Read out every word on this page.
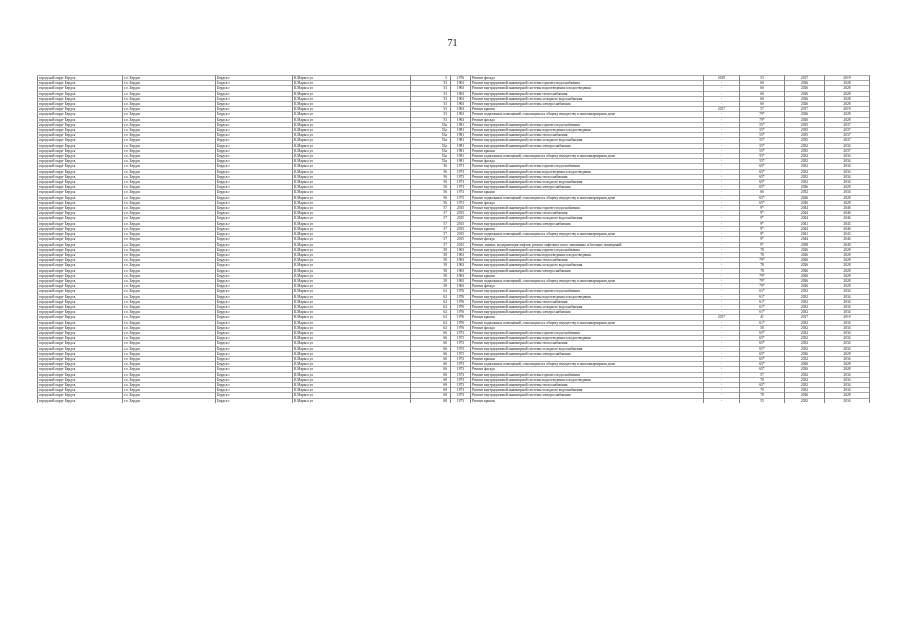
71
городской округ Бердск	г.о. Бердск	Бердск г	К.Маркса ул	5	1976	Ремонт фасада	2019	53	2017	2019
городской округ Бердск	г.о. Бердск	Бердск г	К.Маркса ул	53	1963	Ремонт внутридомовой инженерной системы горячего водоснабжения	-	60	2026	2028
городской округ Бердск	г.о. Бердск	Бердск г	К.Маркса ул	53	1963	Ремонт внутридомовой инженерной системы водоотведения и водоотведения	-	60	2026	2028
городской округ Бердск	г.о. Бердск	Бердск г	К.Маркса ул	53	1963	Ремонт внутридомовой инженерной системы теплоснабжения	-	60	2026	2028
городской округ Бердск	г.о. Бердск	Бердск г	К.Маркса ул	53	1963	Ремонт внутридомовой инженерной системы холодного водоснабжения	-	60	2026	2028
городской округ Бердск	г.о. Бердск	Бердск г	К.Маркса ул	53	1963	Ремонт внутридомовой инженерной системы электроснабжения	-	60	2026	2028
городской округ Бердск	г.о. Бердск	Бердск г	К.Маркса ул	53	1963	Ремонт крыши	2017	57	2017	2019
городской округ Бердск	г.о. Бердск	Бердск г	К.Маркса ул	53	1963	Ремонт подвальных помещений, относящихся к общему имуществу в многоквартирном доме	-	79*	2026	2028
городской округ Бердск	г.о. Бердск	Бердск г	К.Маркса ул	53	1963	Ремонт фасада	-	79*	2026	2028
городской округ Бердск	г.о. Бердск	Бердск г	К.Маркса ул	53а	1981	Ремонт внутридомовой инженерной системы горячего водоснабжения	-	55*	2035	2037
городской округ Бердск	г.о. Бердск	Бердск г	К.Маркса ул	53а	1981	Ремонт внутридомовой инженерной системы водоотведения и водоотведения	-	55*	2035	2037
городской округ Бердск	г.о. Бердск	Бердск г	К.Маркса ул	53а	1981	Ремонт внутридомовой инженерной системы теплоснабжения	-	55*	2035	2037
городской округ Бердск	г.о. Бердск	Бердск г	К.Маркса ул	53а	1981	Ремонт внутридомовой инженерной системы холодного водоснабжения	-	55*	2035	2037
городской округ Бердск	г.о. Бердск	Бердск г	К.Маркса ул	53а	1981	Ремонт внутридомовой инженерной системы электроснабжения	-	55*	2032	2034
городской округ Бердск	г.о. Бердск	Бердск г	К.Маркса ул	53а	1981	Ремонт крыши	-	55*	2035	2037
городской округ Бердск	г.о. Бердск	Бердск г	К.Маркса ул	53а	1981	Ремонт подвальных помещений, относящихся к общему имуществу в многоквартирном доме	-	55*	2032	2034
городской округ Бердск	г.о. Бердск	Бердск г	К.Маркса ул	53а	1981	Ремонт фасада	-	55*	2032	2034
городской округ Бердск	г.о. Бердск	Бердск г	К.Маркса ул	56	1973	Ремонт внутридомовой инженерной системы горячего водоснабжения	-	65*	2032	2034
городской округ Бердск	г.о. Бердск	Бердск г	К.Маркса ул	56	1973	Ремонт внутридомовой инженерной системы водоотведения и водоотведения	-	65*	2032	2034
городской округ Бердск	г.о. Бердск	Бердск г	К.Маркса ул	56	1973	Ремонт внутридомовой инженерной системы теплоснабжения	-	65*	2032	2034
городской округ Бердск	г.о. Бердск	Бердск г	К.Маркса ул	56	1973	Ремонт внутридомовой инженерной системы холодного водоснабжения	-	65*	2032	2034
городской округ Бердск	г.о. Бердск	Бердск г	К.Маркса ул	56	1973	Ремонт внутридомовой инженерной системы электроснабжения	-	65*	2026	2028
городской округ Бердск	г.о. Бердск	Бердск г	К.Маркса ул	56	1973	Ремонт крыши	-	66	2032	2034
городской округ Бердск	г.о. Бердск	Бердск г	К.Маркса ул	56	1973	Ремонт подвальных помещений, относящихся к общему имуществу в многоквартирном доме	-	65*	2026	2028
городской округ Бердск	г.о. Бердск	Бердск г	К.Маркса ул	56	1973	Ремонт фасада	-	65*	2026	2028
городской округ Бердск	г.о. Бердск	Бердск г	К.Маркса ул	57	2015	Ремонт внутридомовой инженерной системы горячего водоснабжения	-	9*	2044	2046
городской округ Бердск	г.о. Бердск	Бердск г	К.Маркса ул	57	2015	Ремонт внутридомовой инженерной системы теплоснабжения	-	9*	2044	2046
городской округ Бердск	г.о. Бердск	Бердск г	К.Маркса ул	57	2015	Ремонт внутридомовой инженерной системы холодного водоснабжения	-	9*	2044	2046
городской округ Бердск	г.о. Бердск	Бердск г	К.Маркса ул	57	2015	Ремонт внутридомовой инженерной системы электроснабжения	-	9*	2041	2043
городской округ Бердск	г.о. Бердск	Бердск г	К.Маркса ул	57	2015	Ремонт крыши	-	9*	2044	2046
городской округ Бердск	г.о. Бердск	Бердск г	К.Маркса ул	57	2015	Ремонт подвальных помещений, относящихся к общему имуществу в многоквартирном доме	-	9*	2041	2043
городской округ Бердск	г.о. Бердск	Бердск г	К.Маркса ул	57	2015	Ремонт фасада	-	9*	2044	2046
городской округ Бердск	г.о. Бердск	Бердск г	К.Маркса ул	57	2015	Ремонт, замена, модернизация лифтов, ремонт лифтовых шахт, машинных и блочных помещений	-	9*	2038	2040
городской округ Бердск	г.о. Бердск	Бердск г	К.Маркса ул	58	1963	Ремонт внутридомовой инженерной системы горячего водоснабжения	-	78	2026	2028
городской округ Бердск	г.о. Бердск	Бердск г	К.Маркса ул	58	1963	Ремонт внутридомовой инженерной системы водоотведения и водоотведения	-	78	2026	2028
городской округ Бердск	г.о. Бердск	Бердск г	К.Маркса ул	58	1963	Ремонт внутридомовой инженерной системы теплоснабжения	-	79*	2026	2028
городской округ Бердск	г.о. Бердск	Бердск г	К.Маркса ул	58	1963	Ремонт внутридомовой инженерной системы холодного водоснабжения	-	78	2026	2028
городской округ Бердск	г.о. Бердск	Бердск г	К.Маркса ул	58	1963	Ремонт внутридомовой инженерной системы электроснабжения	-	78	2026	2028
городской округ Бердск	г.о. Бердск	Бердск г	К.Маркса ул	58	1963	Ремонт крыши	-	79*	2026	2028
городской округ Бердск	г.о. Бердск	Бердск г	К.Маркса ул	58	1963	Ремонт подвальных помещений, относящихся к общему имуществу в многоквартирном доме	-	79*	2026	2028
городской округ Бердск	г.о. Бердск	Бердск г	К.Маркса ул	58	1963	Ремонт фасада	-	79*	2026	2028
городской округ Бердск	г.о. Бердск	Бердск г	К.Маркса ул	62	1976	Ремонт внутридомовой инженерной системы горячего водоснабжения	-	61*	2032	2034
городской округ Бердск	г.о. Бердск	Бердск г	К.Маркса ул	62	1976	Ремонт внутридомовой инженерной системы водоотведения и водоотведения	-	61*	2032	2034
городской округ Бердск	г.о. Бердск	Бердск г	К.Маркса ул	62	1976	Ремонт внутридомовой инженерной системы теплоснабжения	-	61*	2032	2034
городской округ Бердск	г.о. Бердск	Бердск г	К.Маркса ул	62	1976	Ремонт внутридомовой инженерной системы холодного водоснабжения	-	61*	2032	2034
городской округ Бердск	г.о. Бердск	Бердск г	К.Маркса ул	62	1976	Ремонт внутридомовой инженерной системы электроснабжения	-	61*	2032	2034
городской округ Бердск	г.о. Бердск	Бердск г	К.Маркса ул	62	1976	Ремонт крыши	2017	41	2017	2019
городской округ Бердск	г.о. Бердск	Бердск г	К.Маркса ул	62	1976	Ремонт подвальных помещений, относящихся к общему имуществу в многоквартирном доме	-	61*	2032	2034
городской округ Бердск	г.о. Бердск	Бердск г	К.Маркса ул	62	1976	Ремонт фасада	-	50	2032	2034
городской округ Бердск	г.о. Бердск	Бердск г	К.Маркса ул	66	1973	Ремонт внутридомовой инженерной системы горячего водоснабжения	-	65*	2032	2034
городской округ Бердск	г.о. Бердск	Бердск г	К.Маркса ул	66	1973	Ремонт внутридомовой инженерной системы водоотведения и водоотведения	-	65*	2032	2034
городской округ Бердск	г.о. Бердск	Бердск г	К.Маркса ул	66	1973	Ремонт внутридомовой инженерной системы теплоснабжения	-	65*	2032	2034
городской округ Бердск	г.о. Бердск	Бердск г	К.Маркса ул	66	1973	Ремонт внутридомовой инженерной системы холодного водоснабжения	-	65*	2032	2034
городской округ Бердск	г.о. Бердск	Бердск г	К.Маркса ул	66	1973	Ремонт внутридомовой инженерной системы электроснабжения	-	65*	2026	2028
городской округ Бердск	г.о. Бердск	Бердск г	К.Маркса ул	66	1973	Ремонт крыши	-	65*	2032	2034
городской округ Бердск	г.о. Бердск	Бердск г	К.Маркса ул	66	1973	Ремонт подвальных помещений, относящихся к общему имуществу в многоквартирном доме	-	65*	2026	2028
городской округ Бердск	г.о. Бердск	Бердск г	К.Маркса ул	66	1973	Ремонт фасада	-	65*	2026	2028
городской округ Бердск	г.о. Бердск	Бердск г	К.Маркса ул	68	1973	Ремонт внутридомовой инженерной системы горячего водоснабжения	-	57	2032	2034
городской округ Бердск	г.о. Бердск	Бердск г	К.Маркса ул	68	1973	Ремонт внутридомовой инженерной системы водоотведения и водоотведения	-	70	2032	2034
городской округ Бердск	г.о. Бердск	Бердск г	К.Маркса ул	68	1973	Ремонт внутридомовой инженерной системы теплоснабжения	-	65*	2032	2034
городской округ Бердск	г.о. Бердск	Бердск г	К.Маркса ул	68	1973	Ремонт внутридомовой инженерной системы холодного водоснабжения	-	70	2032	2034
городской округ Бердск	г.о. Бердск	Бердск г	К.Маркса ул	68	1973	Ремонт внутридомовой инженерной системы электроснабжения	-	78	2026	2028
городской округ Бердск	г.о. Бердск	Бердск г	К.Маркса ул	68	1973	Ремонт крыши	-	55	2032	2034
